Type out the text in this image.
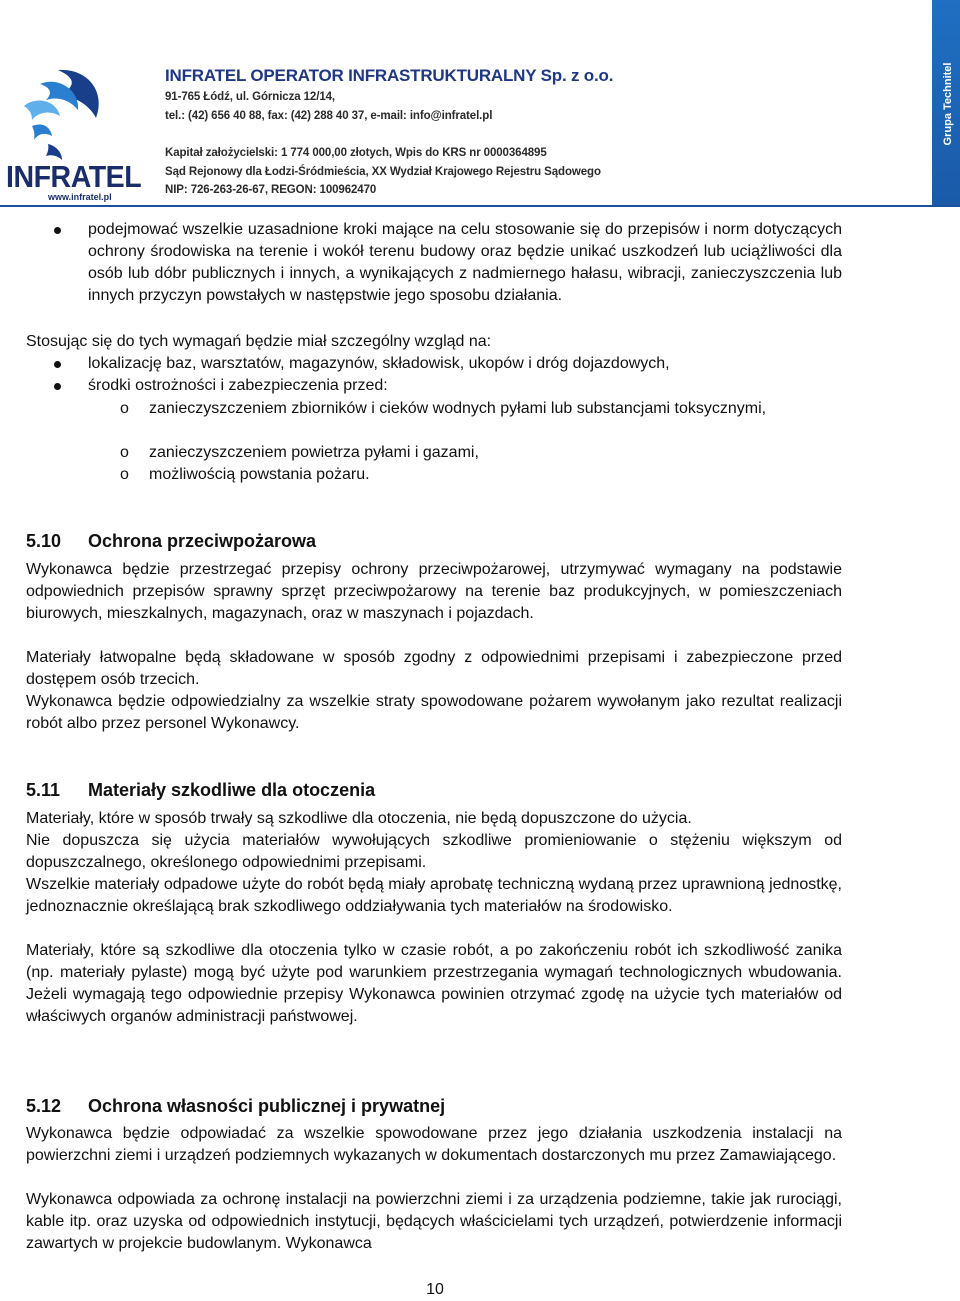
INFRATEL
www.infratel.pl
INFRATEL OPERATOR INFRASTRUKTURALNY Sp. z o.o.
91-765 Łódź, ul. Górnicza 12/14,
tel.: (42) 656 40 88, fax: (42) 288 40 37, e-mail: info@infratel.pl
Kapitał założycielski: 1 774 000,00 złotych, Wpis do KRS nr 0000364895
Sąd Rejonowy dla Łodzi-Śródmieścia, XX Wydział Krajowego Rejestru Sądowego
NIP: 726-263-26-67, REGON: 100962470
Grupa Technitel
podejmować wszelkie uzasadnione kroki mające na celu stosowanie się do przepisów i norm dotyczących ochrony środowiska na terenie i wokół terenu budowy oraz będzie unikać uszkodzeń lub uciążliwości dla osób lub dóbr publicznych i innych, a wynikających z nadmiernego hałasu, wibracji, zanieczyszczenia lub innych przyczyn powstałych w następstwie jego sposobu działania.
Stosując się do tych wymagań będzie miał szczególny wzgląd na:
lokalizację baz, warsztatów, magazynów, składowisk, ukopów i dróg dojazdowych,
środki ostrożności i zabezpieczenia przed:
o zanieczyszczeniem zbiorników i cieków wodnych pyłami lub substancjami toksycznymi,
o zanieczyszczeniem powietrza pyłami i gazami,
o możliwością powstania pożaru.
5.10 Ochrona przeciwpożarowa
Wykonawca będzie przestrzegać przepisy ochrony przeciwpożarowej, utrzymywać wymagany na podstawie odpowiednich przepisów sprawny sprzęt przeciwpożarowy na terenie baz produkcyjnych, w pomieszczeniach biurowych, mieszkalnych, magazynach, oraz w maszynach i pojazdach.
Materiały łatwopalne będą składowane w sposób zgodny z odpowiednimi przepisami i zabezpieczone przed dostępem osób trzecich.
Wykonawca będzie odpowiedzialny za wszelkie straty spowodowane pożarem wywołanym jako rezultat realizacji robót albo przez personel Wykonawcy.
5.11 Materiały szkodliwe dla otoczenia
Materiały, które w sposób trwały są szkodliwe dla otoczenia, nie będą dopuszczone do użycia.
Nie dopuszcza się użycia materiałów wywołujących szkodliwe promieniowanie o stężeniu większym od dopuszczalnego, określonego odpowiednimi przepisami.
Wszelkie materiały odpadowe użyte do robót będą miały aprobatę techniczną wydaną przez uprawnioną jednostkę, jednoznacznie określającą brak szkodliwego oddziaływania tych materiałów na środowisko.
Materiały, które są szkodliwe dla otoczenia tylko w czasie robót, a po zakończeniu robót ich szkodliwość zanika (np. materiały pylaste) mogą być użyte pod warunkiem przestrzegania wymagań technologicznych wbudowania. Jeżeli wymagają tego odpowiednie przepisy Wykonawca powinien otrzymać zgodę na użycie tych materiałów od właściwych organów administracji państwowej.
5.12 Ochrona własności publicznej i prywatnej
Wykonawca będzie odpowiadać za wszelkie spowodowane przez jego działania uszkodzenia instalacji na powierzchni ziemi i urządzeń podziemnych wykazanych w dokumentach dostarczonych mu przez Zamawiającego.
Wykonawca odpowiada za ochronę instalacji na powierzchni ziemi i za urządzenia podziemne, takie jak rurociągi, kable itp. oraz uzyska od odpowiednich instytucji, będących właścicielami tych urządzeń, potwierdzenie informacji zawartych w projekcie budowlanym. Wykonawca
10
